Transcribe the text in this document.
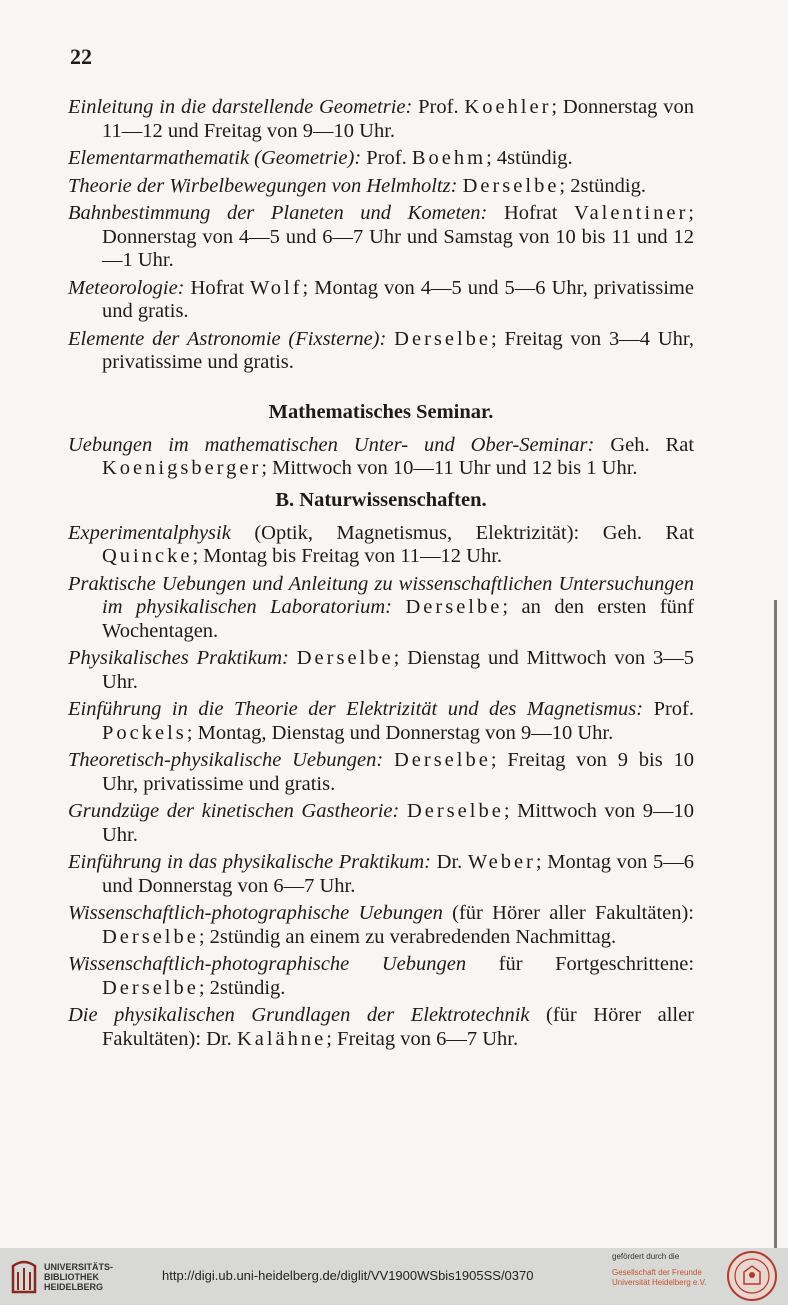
22

Einleitung in die darstellende Geometrie: Prof. Koehler; Donnerstag von 11—12 und Freitag von 9—10 Uhr.

Elementarmathematik (Geometrie): Prof. Boehm; 4stündig.

Theorie der Wirbelbewegungen von Helmholtz: Derselbe; 2stündig.

Bahnbestimmung der Planeten und Kometen: Hofrat Valentiner; Donnerstag von 4—5 und 6—7 Uhr und Samstag von 10 bis 11 und 12—1 Uhr.

Meteorologie: Hofrat Wolf; Montag von 4—5 und 5—6 Uhr, privatissime und gratis.

Elemente der Astronomie (Fixsterne): Derselbe; Freitag von 3—4 Uhr, privatissime und gratis.

Mathematisches Seminar.

Uebungen im mathematischen Unter- und Ober-Seminar: Geh. Rat Koenigsberger; Mittwoch von 10—11 Uhr und 12 bis 1 Uhr.

B. Naturwissenschaften.

Experimentalphysik (Optik, Magnetismus, Elektrizität): Geh. Rat Quincke; Montag bis Freitag von 11—12 Uhr.

Praktische Uebungen und Anleitung zu wissenschaftlichen Untersuchungen im physikalischen Laboratorium: Derselbe; an den ersten fünf Wochentagen.

Physikalisches Praktikum: Derselbe; Dienstag und Mittwoch von 3—5 Uhr.

Einführung in die Theorie der Elektrizität und des Magnetismus: Prof. Pockels; Montag, Dienstag und Donnerstag von 9—10 Uhr.

Theoretisch-physikalische Uebungen: Derselbe; Freitag von 9 bis 10 Uhr, privatissime und gratis.

Grundzüge der kinetischen Gastheorie: Derselbe; Mittwoch von 9—10 Uhr.

Einführung in das physikalische Praktikum: Dr. Weber; Montag von 5—6 und Donnerstag von 6—7 Uhr.

Wissenschaftlich-photographische Uebungen (für Hörer aller Fakultäten): Derselbe; 2stündig an einem zu verabredenden Nachmittag.

Wissenschaftlich-photographische Uebungen für Fortgeschrittene: Derselbe; 2stündig.

Die physikalischen Grundlagen der Elektrotechnik (für Hörer aller Fakultäten): Dr. Kalähne; Freitag von 6—7 Uhr.

UNIVERSITÄTS-
BIBLIOTHEK
HEIDELBERG
http://digi.ub.uni-heidelberg.de/diglit/VV1900WSbis1905SS/0370
gefördert durch die
Gesellschaft der Freunde
Universität Heidelberg e.V.
